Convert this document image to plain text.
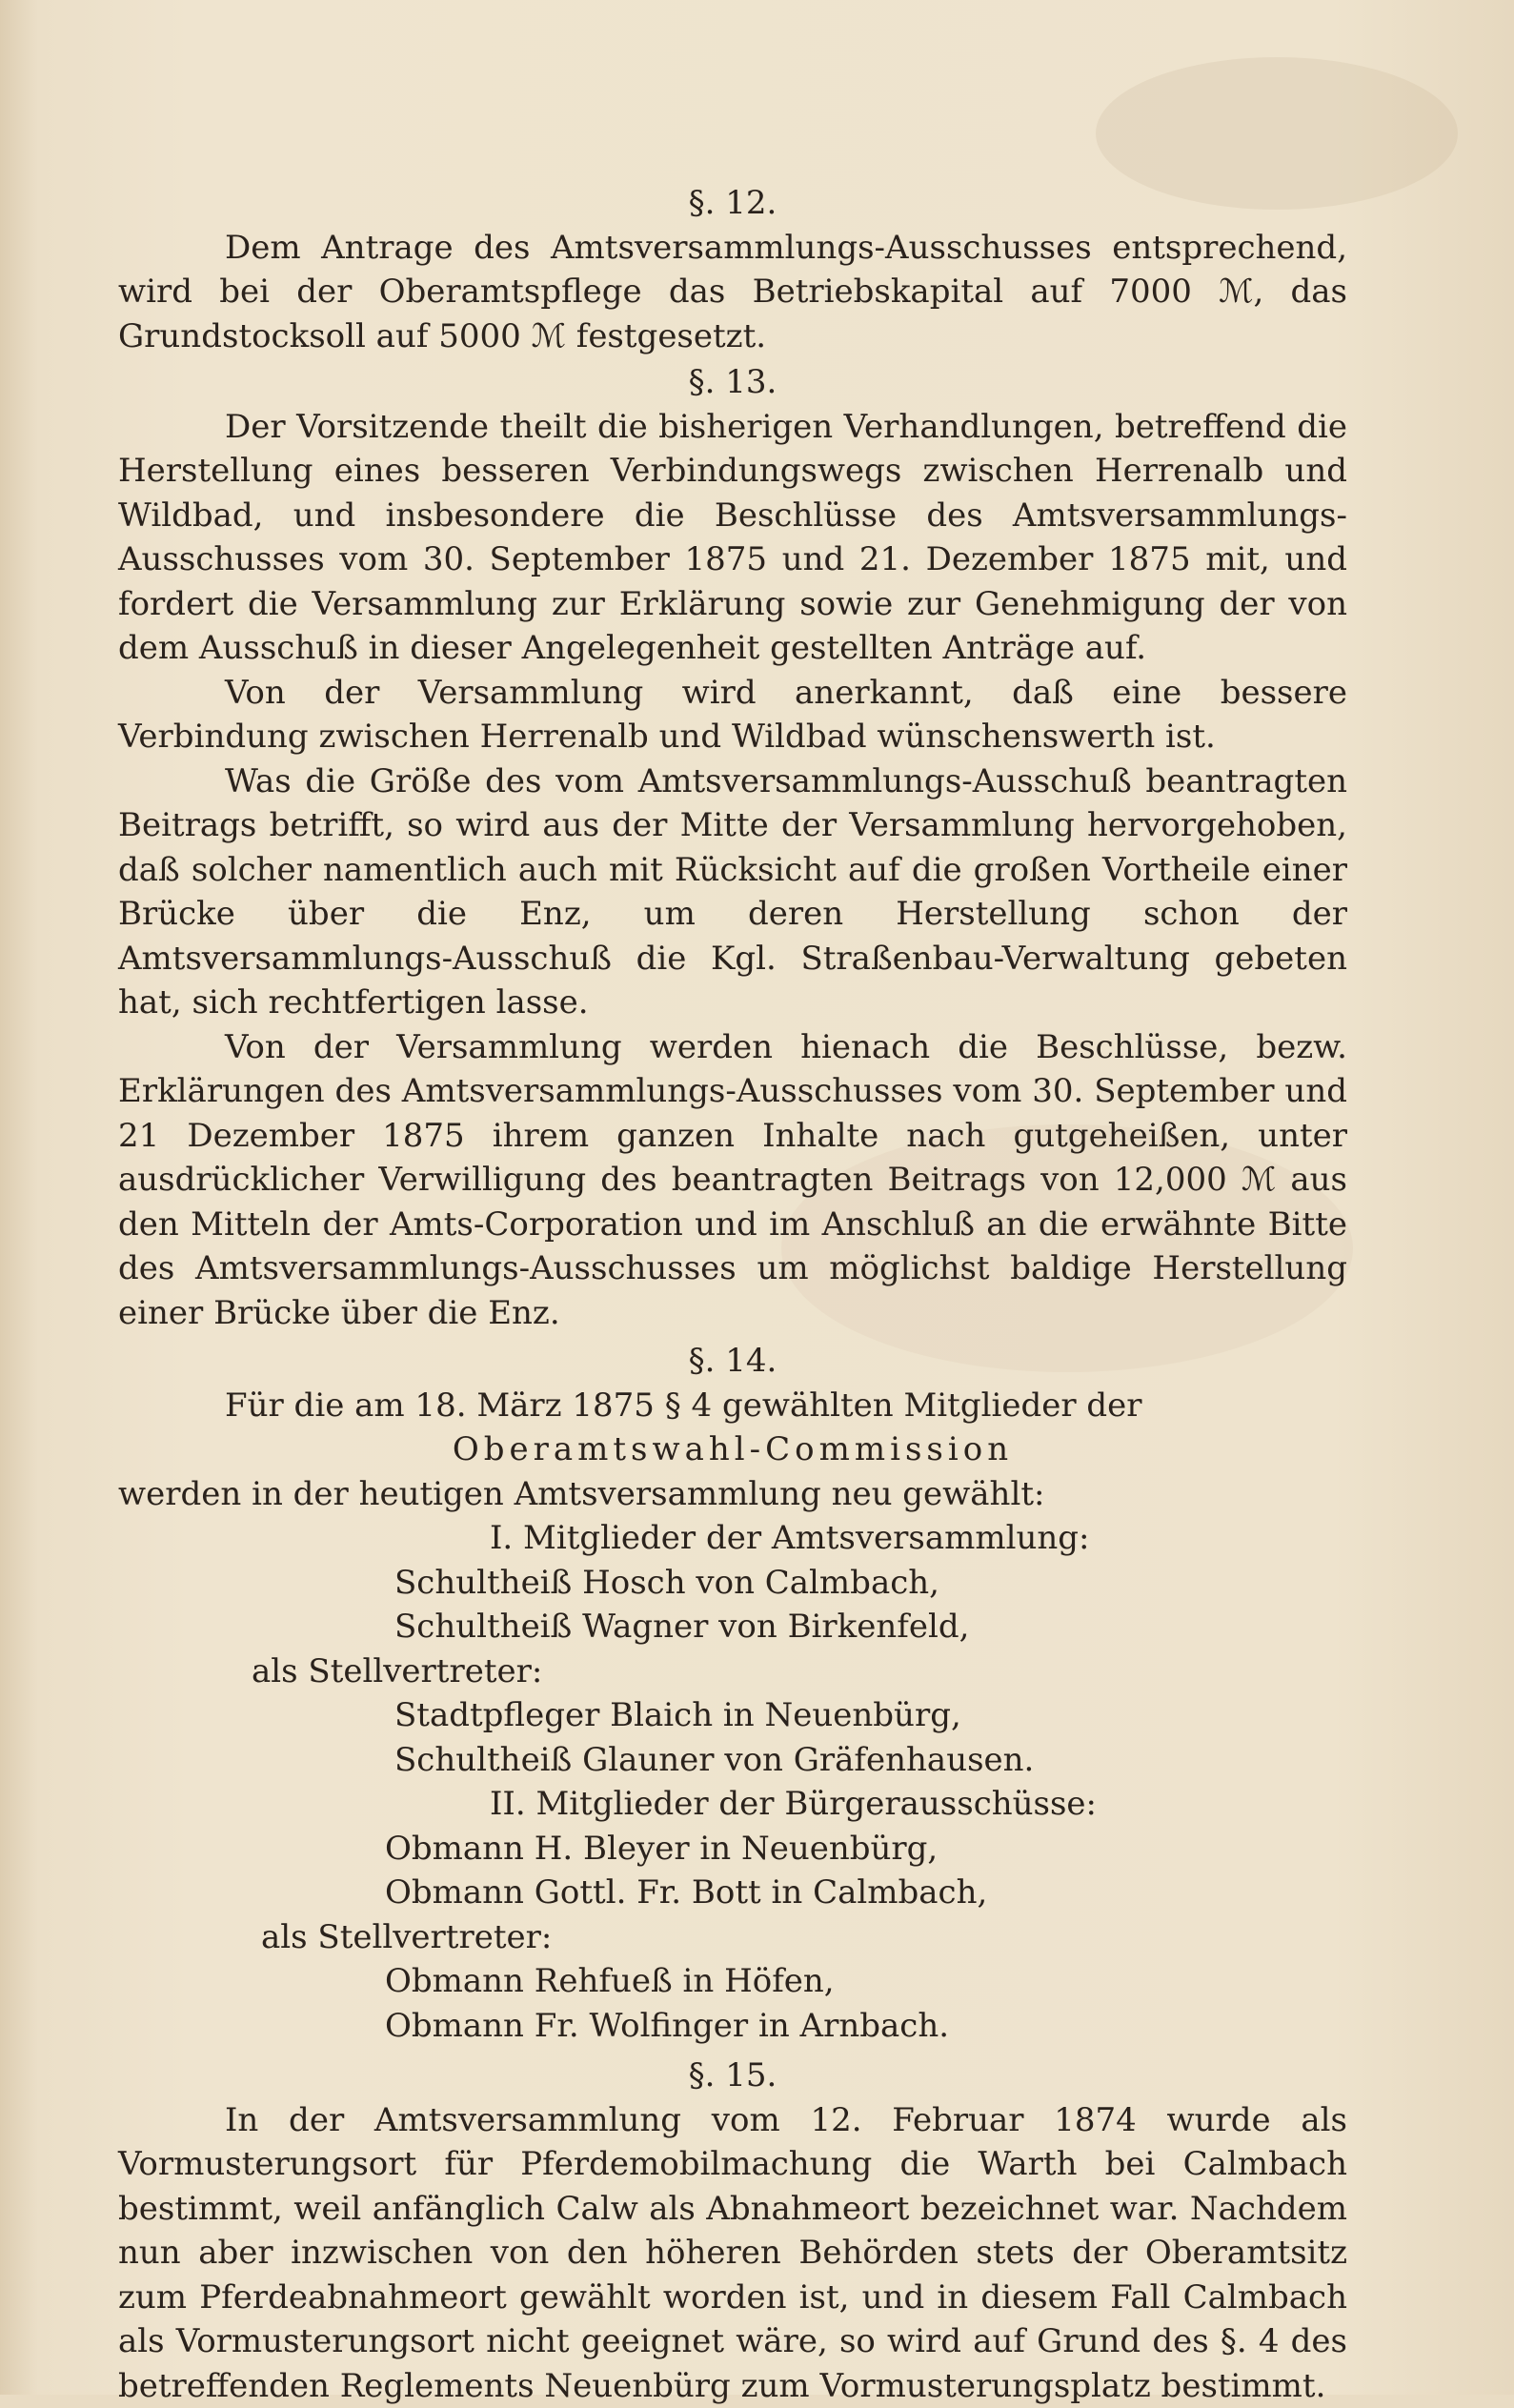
§. 12.

Dem Antrage des Amtsversammlungs-Ausschusses entsprechend, wird bei der Oberamtspflege das Betriebskapital auf 7000 ℳ, das Grundstocksoll auf 5000 ℳ festgesetzt.

§. 13.

Der Vorsitzende theilt die bisherigen Verhandlungen, betreffend die Herstellung eines besseren Verbindungswegs zwischen Herrenalb und Wildbad, und insbesondere die Beschlüsse des Amtsversammlungs-Ausschusses vom 30. September 1875 und 21. Dezember 1875 mit, und fordert die Versammlung zur Erklärung sowie zur Genehmigung der von dem Ausschuß in dieser Angelegenheit gestellten Anträge auf.

Von der Versammlung wird anerkannt, daß eine bessere Verbindung zwischen Herrenalb und Wildbad wünschenswerth ist.

Was die Größe des vom Amtsversammlungs-Ausschuß beantragten Beitrags betrifft, so wird aus der Mitte der Versammlung hervorgehoben, daß solcher namentlich auch mit Rücksicht auf die großen Vortheile einer Brücke über die Enz, um deren Herstellung schon der Amtsversammlungs-Ausschuß die Kgl. Straßenbau-Verwaltung gebeten hat, sich rechtfertigen lasse.

Von der Versammlung werden hienach die Beschlüsse, bezw. Erklärungen des Amtsversammlungs-Ausschusses vom 30. September und 21 Dezember 1875 ihrem ganzen Inhalte nach gutgeheißen, unter ausdrücklicher Verwilligung des beantragten Beitrags von 12,000 ℳ aus den Mitteln der Amts-Corporation und im Anschluß an die erwähnte Bitte des Amtsversammlungs-Ausschusses um möglichst baldige Herstellung einer Brücke über die Enz.

§. 14.

Für die am 18. März 1875 § 4 gewählten Mitglieder der

Oberamtswahl-Commission

werden in der heutigen Amtsversammlung neu gewählt:

I. Mitglieder der Amtsversammlung:

Schultheiß Hosch von Calmbach,

Schultheiß Wagner von Birkenfeld,

als Stellvertreter:

Stadtpfleger Blaich in Neuenbürg,

Schultheiß Glauner von Gräfenhausen.

II. Mitglieder der Bürgerausschüsse:

Obmann H. Bleyer in Neuenbürg,

Obmann Gottl. Fr. Bott in Calmbach,

als Stellvertreter:

Obmann Rehfueß in Höfen,

Obmann Fr. Wolfinger in Arnbach.

§. 15.

In der Amtsversammlung vom 12. Februar 1874 wurde als Vormusterungsort für Pferdemobilmachung die Warth bei Calmbach bestimmt, weil anfänglich Calw als Abnahmeort bezeichnet war. Nachdem nun aber inzwischen von den höheren Behörden stets der Oberamtsitz zum Pferdeabnahmeort gewählt worden ist, und in diesem Fall Calmbach als Vormusterungsort nicht geeignet wäre, so wird auf Grund des §. 4 des betreffenden Reglements Neuenbürg zum Vormusterungsplatz bestimmt.
